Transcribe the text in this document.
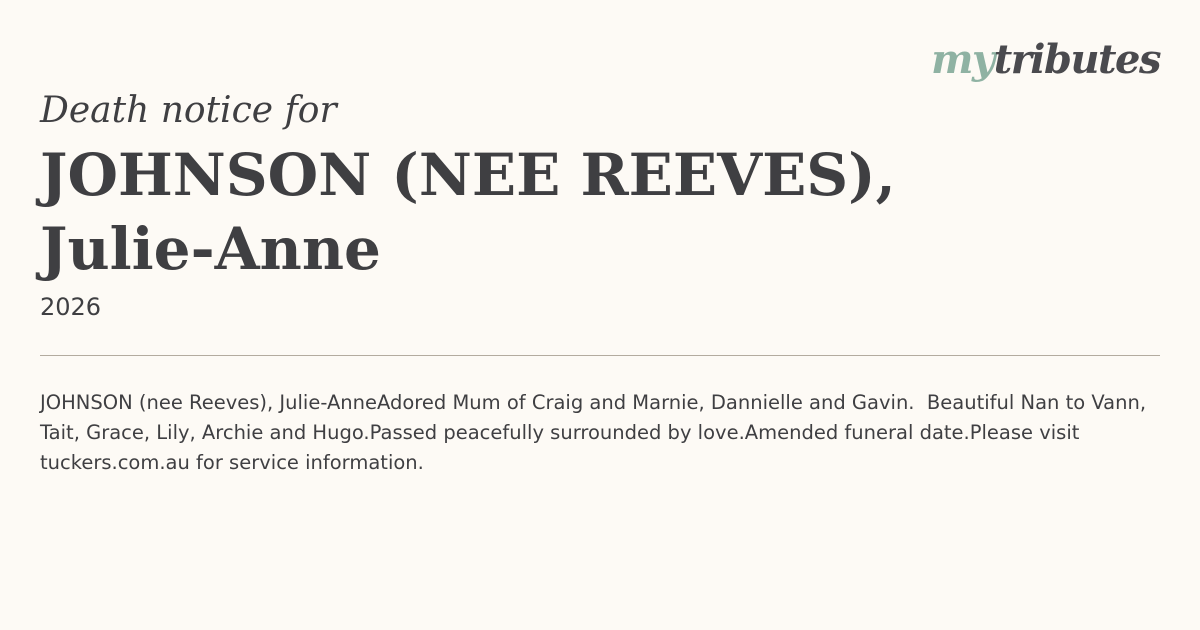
mytributes
Death notice for
JOHNSON (NEE REEVES),
Julie-Anne
2026
JOHNSON (nee Reeves), Julie-AnneAdored Mum of Craig and Marnie, Dannielle and Gavin.  Beautiful Nan to Vann, Tait, Grace, Lily, Archie and Hugo.Passed peacefully surrounded by love.Amended funeral date.Please visit tuckers.com.au for service information.
